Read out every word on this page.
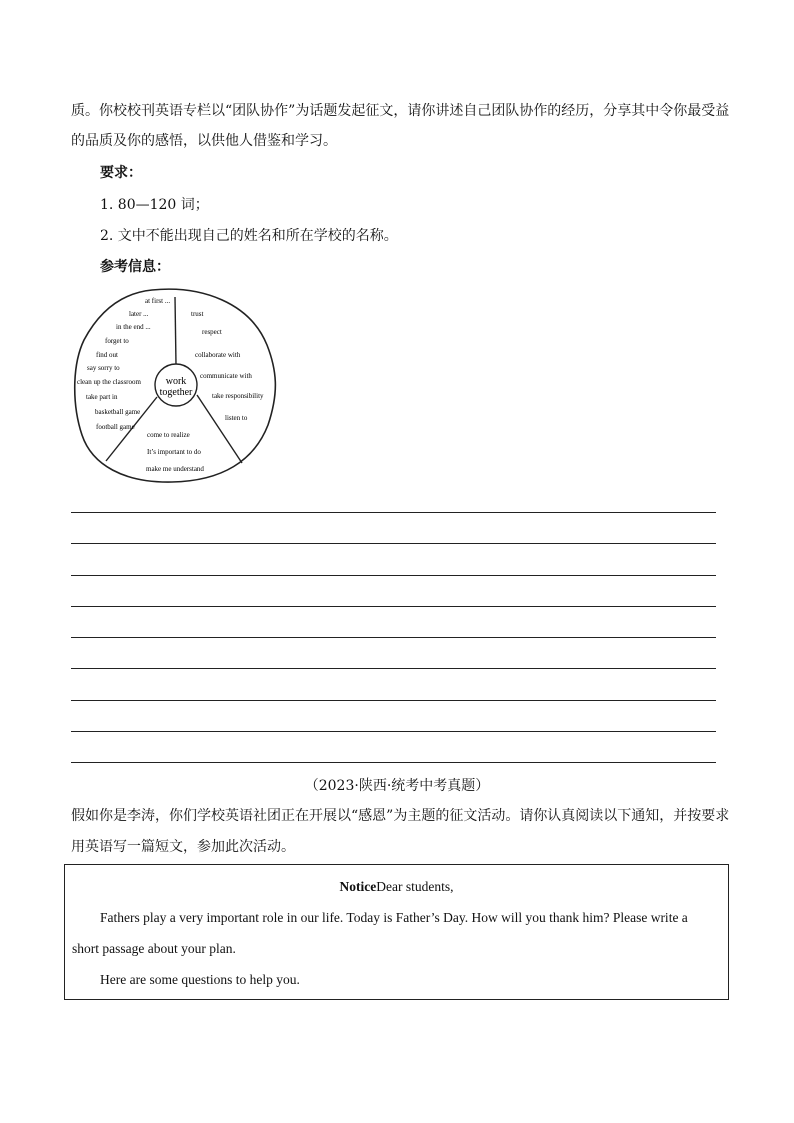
质。你校校刊英语专栏以“团队协作”为话题发起征文，请你讲述自己团队协作的经历，分享其中令你最受益
的品质及你的感悟，以供他人借鉴和学习。
要求：
1. 80—120 词；
2. 文中不能出现自己的姓名和所在学校的名称。
参考信息：
work
together
at first ...
later ...
in the end ...
forget to
find out
say sorry to
clean up the classroom
take part in
basketball game
football game
trust
respect
collaborate with
communicate with
take responsibility
listen to
come to realize
It’s important to do
make me understand
（2023·陕西·统考中考真题）
假如你是李涛，你们学校英语社团正在开展以“感恩”为主题的征文活动。请你认真阅读以下通知，并按要求
用英语写一篇短文，参加此次活动。
NoticeDear students,
Fathers play a very important role in our life. Today is Father’s Day. How will you thank him? Please write a
short passage about your plan.
Here are some questions to help you.
